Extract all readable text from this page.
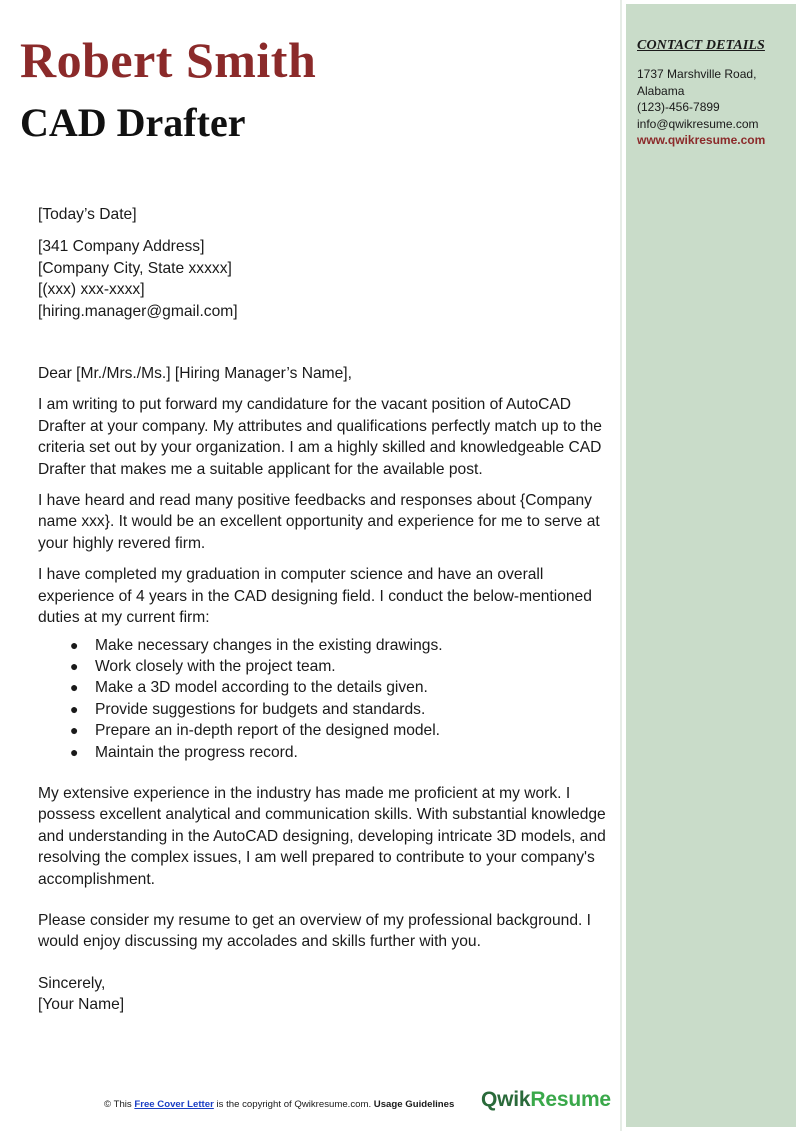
Robert Smith
CAD Drafter
CONTACT DETAILS
1737 Marshville Road,
Alabama
(123)-456-7899
info@qwikresume.com
www.qwikresume.com

[Today’s Date]

[341 Company Address]

[Company City, State xxxxx]

[(xxx) xxx-xxxx]

[hiring.manager@gmail.com]

Dear [Mr./Mrs./Ms.] [Hiring Manager’s Name],

I am writing to put forward my candidature for the vacant position of AutoCAD Drafter at your company. My attributes and qualifications perfectly match up to the criteria set out by your organization. I am a highly skilled and knowledgeable CAD Drafter that makes me a suitable applicant for the available post.

I have heard and read many positive feedbacks and responses about {Company name xxx}. It would be an excellent opportunity and experience for me to serve at your highly revered firm.

I have completed my graduation in computer science and have an overall experience of 4 years in the CAD designing field. I conduct the below-mentioned duties at my current firm:

● Make necessary changes in the existing drawings.
● Work closely with the project team.
● Make a 3D model according to the details given.
● Provide suggestions for budgets and standards.
● Prepare an in-depth report of the designed model.
● Maintain the progress record.

My extensive experience in the industry has made me proficient at my work. I possess excellent analytical and communication skills. With substantial knowledge and understanding in the AutoCAD designing, developing intricate 3D models, and resolving the complex issues, I am well prepared to contribute to your company's accomplishment.

Please consider my resume to get an overview of my professional background. I would enjoy discussing my accolades and skills further with you.

Sincerely,

[Your Name]

© This Free Cover Letter is the copyright of Qwikresume.com. Usage Guidelines QwikResume
